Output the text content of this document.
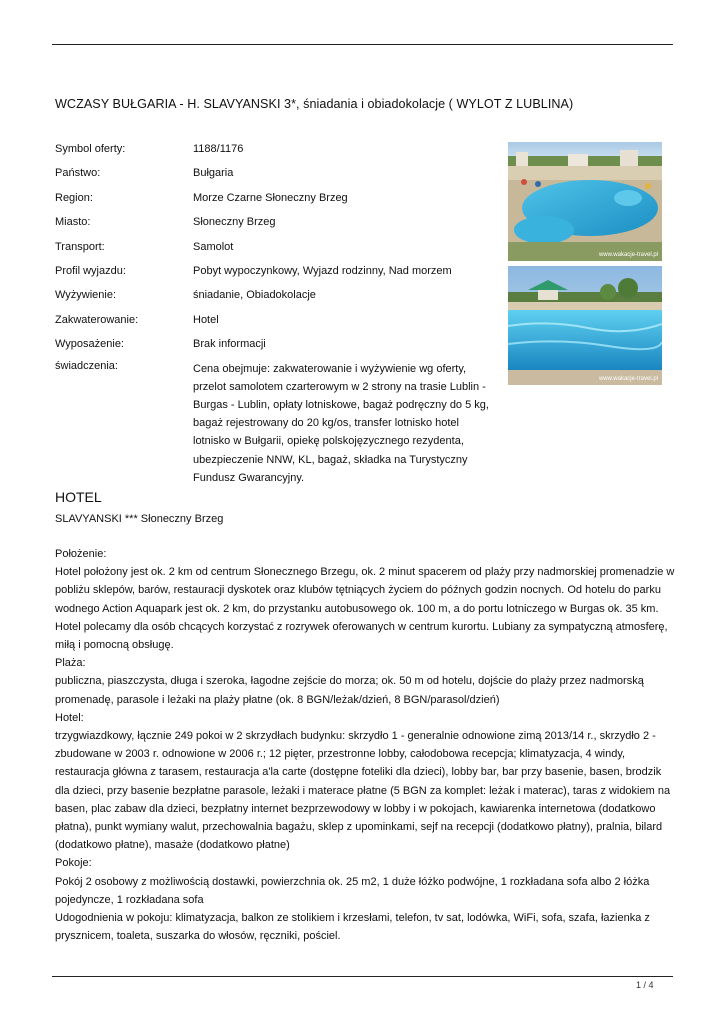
WCZASY BUŁGARIA - H. SLAVYANSKI 3*, śniadania i obiadokolacje ( WYLOT Z LUBLINA)
Symbol oferty:	1188/1176
Państwo:	Bułgaria
Region:	Morze Czarne Słoneczny Brzeg
Miasto:	Słoneczny Brzeg
Transport:	Samolot
Profil wyjazdu:	Pobyt wypoczynkowy, Wyjazd rodzinny, Nad morzem
Wyżywienie:	śniadanie, Obiadokolacje
Zakwaterowanie:	Hotel
Wyposażenie:	Brak informacji
świadczenia:	Cena obejmuje: zakwaterowanie i wyżywienie wg oferty, przelot samolotem czarterowym w 2 strony na trasie Lublin - Burgas - Lublin, opłaty lotniskowe, bagaż podręczny do 5 kg, bagaż rejestrowany do 20 kg/os, transfer lotnisko hotel lotnisko w Bułgarii, opiekę polskojęzycznego rezydenta, ubezpieczenie NNW, KL, bagaż, składka na Turystyczny Fundusz Gwarancyjny.
www.wakacje-travel.pl
www.wakacje-travel.pl
HOTEL
SLAVYANSKI *** Słoneczny Brzeg

Położenie:

Hotel położony jest ok. 2 km od centrum Słonecznego Brzegu, ok. 2 minut spacerem od plaży przy nadmorskiej promenadzie w pobliżu sklepów, barów, restauracji dyskotek oraz klubów tętniących życiem do późnych godzin nocnych. Od hotelu do parku wodnego Action Aquapark jest ok. 2 km, do przystanku autobusowego ok. 100 m, a do portu lotniczego w Burgas ok. 35 km. Hotel polecamy dla osób chcących korzystać z rozrywek oferowanych w centrum kurortu. Lubiany za sympatyczną atmosferę, miłą i pomocną obsługę.

Plaża:

publiczna, piaszczysta, długa i szeroka, łagodne zejście do morza; ok. 50 m od hotelu, dojście do plaży przez nadmorską promenadę, parasole i leżaki na plaży płatne (ok. 8 BGN/leżak/dzień, 8 BGN/parasol/dzień)

Hotel:

trzygwiazdkowy, łącznie 249 pokoi w 2 skrzydłach budynku: skrzydło 1 - generalnie odnowione zimą 2013/14 r., skrzydło 2 - zbudowane w 2003 r. odnowione w 2006 r.; 12 pięter, przestronne lobby, całodobowa recepcja; klimatyzacja, 4 windy, restauracja główna z tarasem, restauracja a'la carte (dostępne foteliki dla dzieci), lobby bar, bar przy basenie, basen, brodzik dla dzieci, przy basenie bezpłatne parasole, leżaki i materace płatne (5 BGN za komplet: leżak i materac), taras z widokiem na basen, plac zabaw dla dzieci, bezpłatny internet bezprzewodowy w lobby i w pokojach, kawiarenka internetowa (dodatkowo płatna), punkt wymiany walut, przechowalnia bagażu, sklep z upominkami, sejf na recepcji (dodatkowo płatny), pralnia, bilard (dodatkowo płatne), masaże (dodatkowo płatne)

Pokoje:

Pokój 2 osobowy z możliwością dostawki, powierzchnia ok. 25 m2, 1 duże łóżko podwójne, 1 rozkładana sofa albo 2 łóżka pojedyncze, 1 rozkładana sofa

Udogodnienia w pokoju: klimatyzacja, balkon ze stolikiem i krzesłami, telefon, tv sat, lodówka, WiFi, sofa, szafa, łazienka z prysznicem, toaleta, suszarka do włosów, ręczniki, pościel.

1 / 4
